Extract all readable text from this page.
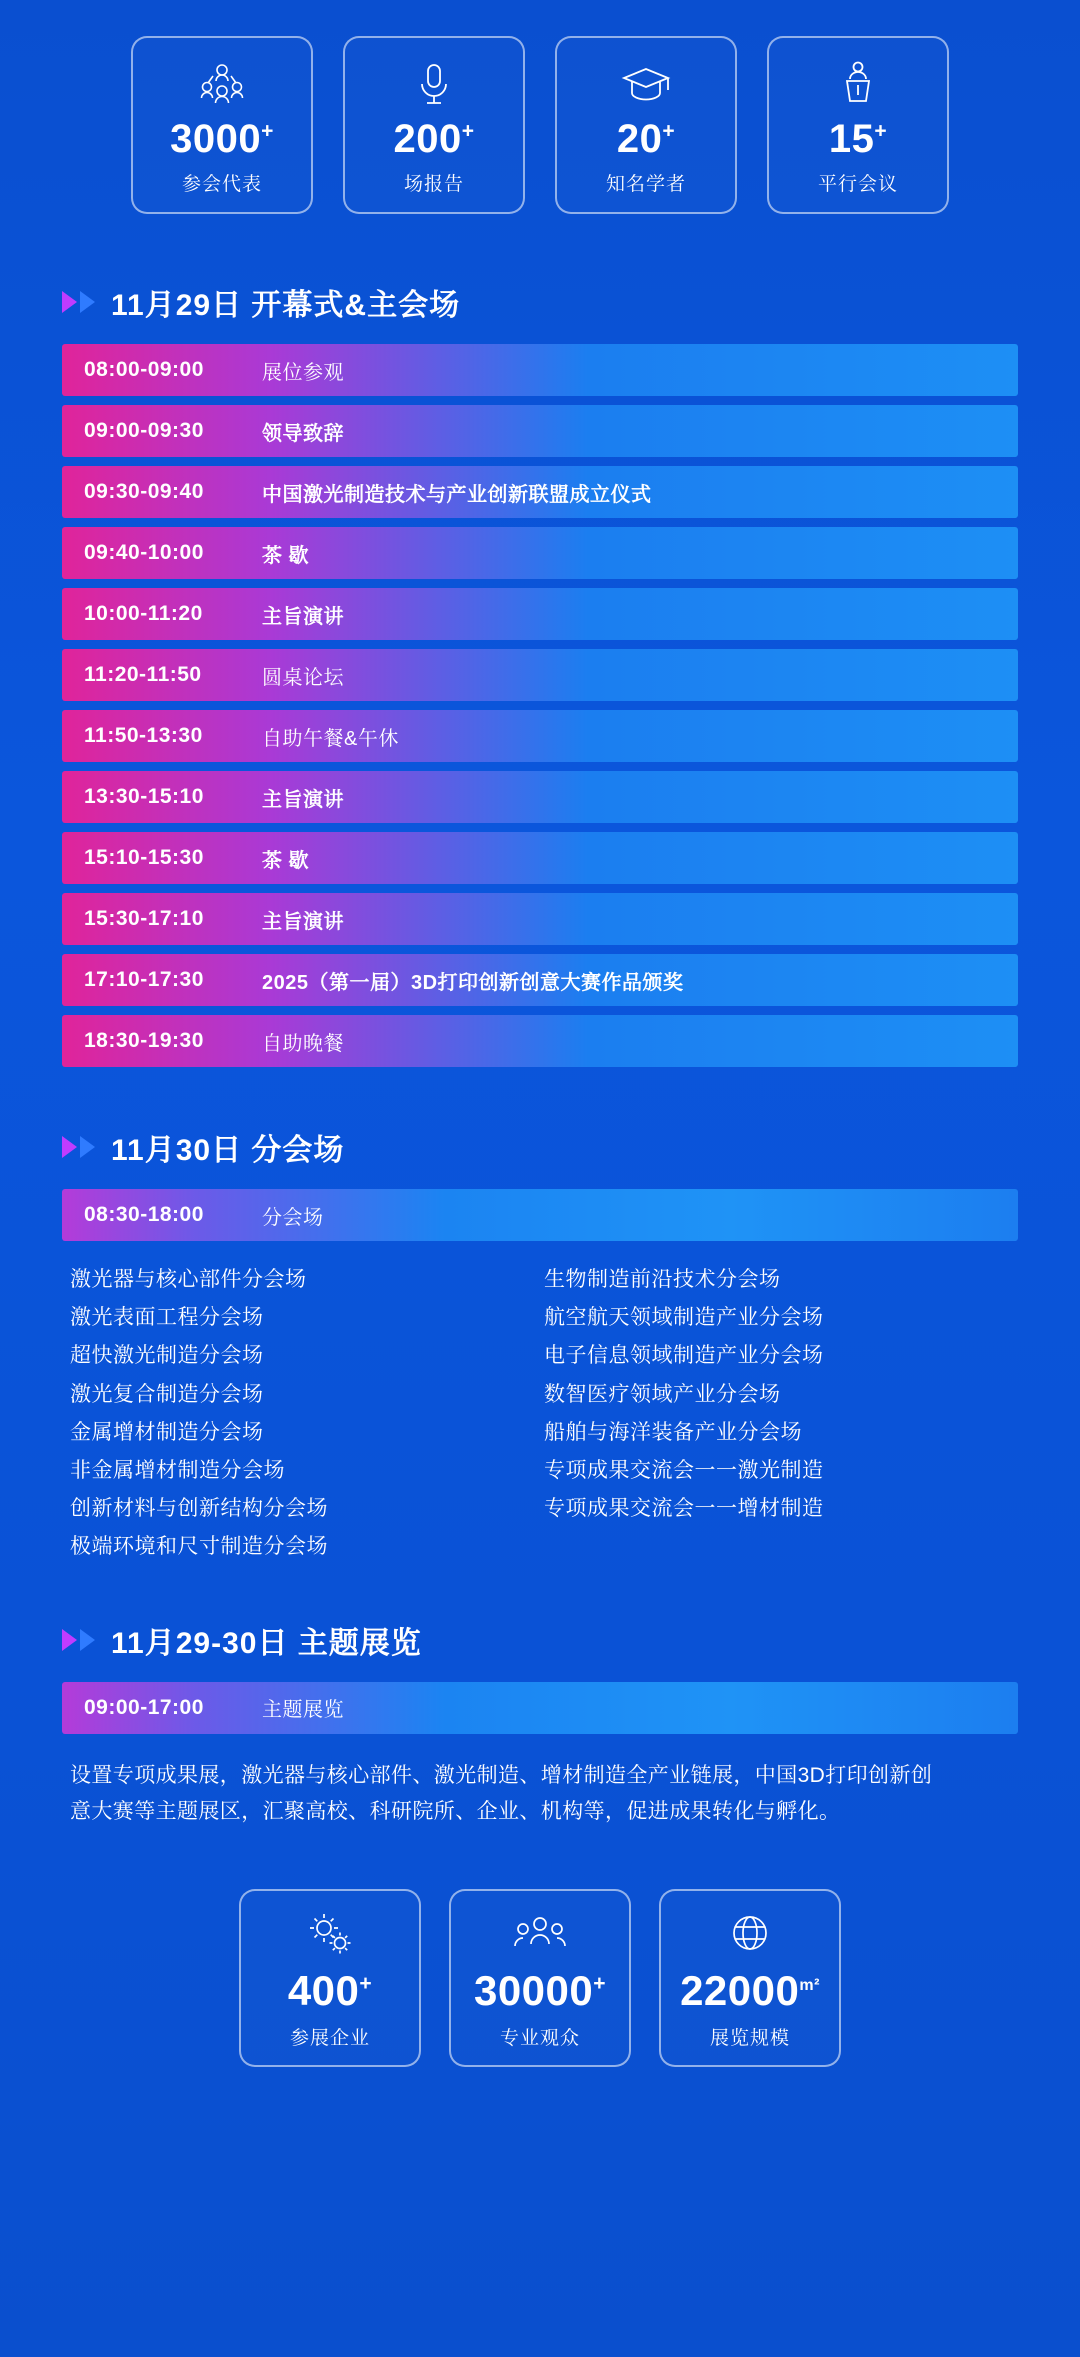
3000+
参会代表
200+
场报告
20+
知名学者
15+
平行会议
11月29日 开幕式&主会场
08:00-09:00	展位参观
09:00-09:30	领导致辞
09:30-09:40	中国激光制造技术与产业创新联盟成立仪式
09:40-10:00	茶 歇
10:00-11:20	主旨演讲
11:20-11:50	圆桌论坛
11:50-13:30	自助午餐&午休
13:30-15:10	主旨演讲
15:10-15:30	茶 歇
15:30-17:10	主旨演讲
17:10-17:30	2025（第一届）3D打印创新创意大赛作品颁奖
18:30-19:30	自助晚餐
11月30日 分会场
08:30-18:00	分会场
激光器与核心部件分会场
激光表面工程分会场
超快激光制造分会场
激光复合制造分会场
金属增材制造分会场
非金属增材制造分会场
创新材料与创新结构分会场
极端环境和尺寸制造分会场
生物制造前沿技术分会场
航空航天领域制造产业分会场
电子信息领域制造产业分会场
数智医疗领域产业分会场
船舶与海洋装备产业分会场
专项成果交流会一一激光制造
专项成果交流会一一增材制造
11月29-30日 主题展览
09:00-17:00	主题展览
设置专项成果展，激光器与核心部件、激光制造、增材制造全产业链展，中国3D打印创新创意大赛等主题展区，汇聚高校、科研院所、企业、机构等，促进成果转化与孵化。
400+
参展企业
30000+
专业观众
$22000^{m^2}$
展览规模
